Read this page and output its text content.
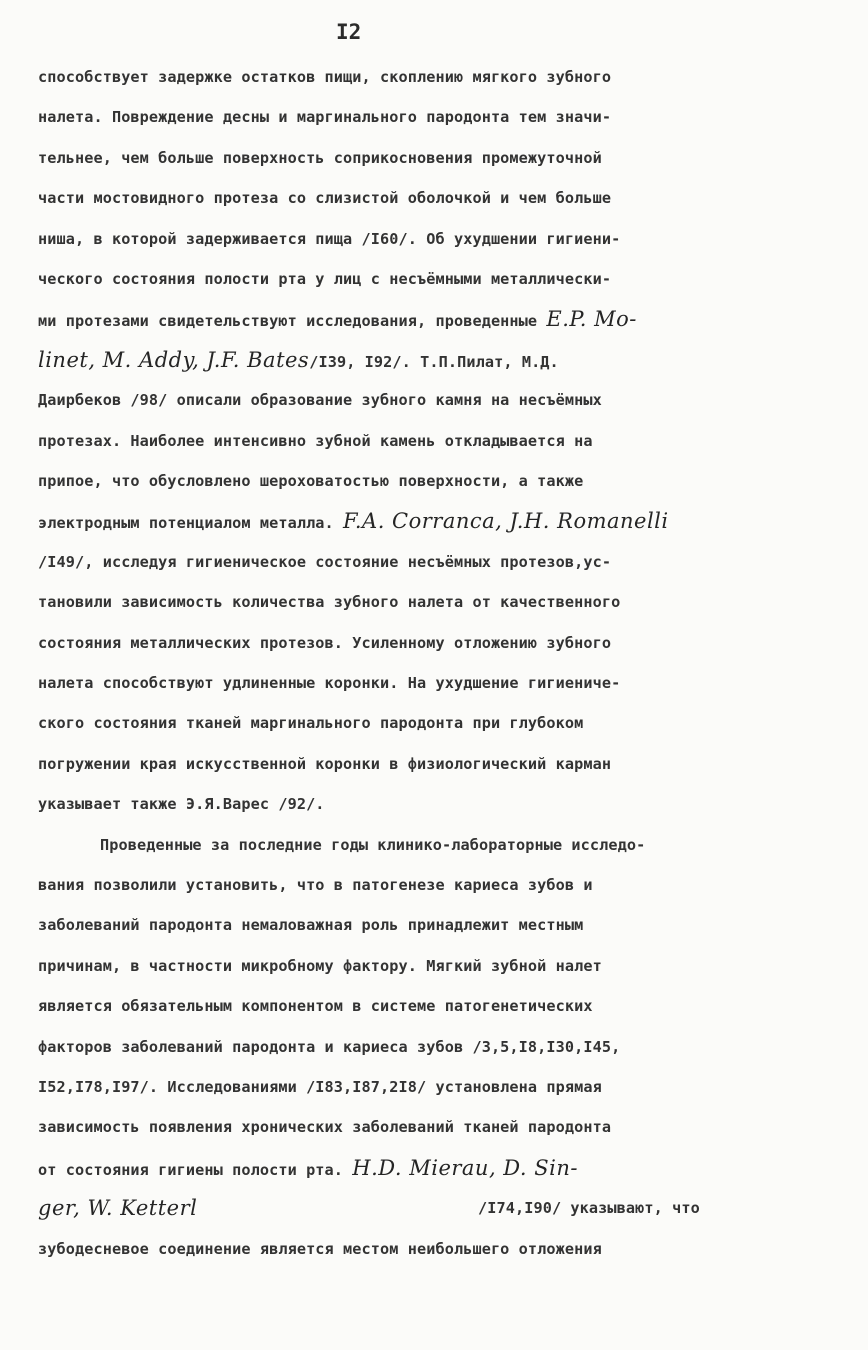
I2
способствует задержке остатков пищи, скоплению мягкого зубного
налета. Повреждение десны и маргинального пародонта тем значи-
тельнее, чем больше поверхность соприкосновения промежуточной
части мостовидного протеза со слизистой оболочкой и чем больше
ниша, в которой задерживается пища /I60/. Об ухудшении гигиени-
ческого состояния полости рта у лиц с несъёмными металлически-
ми протезами свидетельствуют исследования, проведенные E.P. Mo-
linet, M. Addy, J.F. Bates/I39, I92/. Т.П.Пилат, М.Д.
Даирбеков /98/ описали образование зубного камня на несъёмных
протезах. Наиболее интенсивно зубной камень откладывается на
припое, что обусловлено шероховатостью поверхности, а также
электродным потенциалом металла. F.A. Corranca, J.H. Romanelli
/I49/, исследуя гигиеническое состояние несъёмных протезов,ус-
тановили зависимость количества зубного налета от качественного
состояния металлических протезов. Усиленному отложению зубного
налета способствуют удлиненные коронки. На ухудшение гигиениче-
ского состояния тканей маргинального пародонта при глубоком
погружении края искусственной коронки в физиологический карман
указывает также Э.Я.Варес /92/.
Проведенные за последние годы клинико-лабораторные исследо-
вания позволили установить, что в патогенезе кариеса зубов и
заболеваний пародонта немаловажная роль принадлежит местным
причинам, в частности микробному фактору. Мягкий зубной налет
является обязательным компонентом в системе патогенетических
факторов заболеваний пародонта и кариеса зубов /3,5,I8,I30,I45,
I52,I78,I97/. Исследованиями /I83,I87,2I8/ установлена прямая
зависимость появления хронических заболеваний тканей пародонта
от состояния гигиены полости рта. H.D. Mierau, D. Sin-
ger, W. Ketterl	/I74,I90/ указывают, что
зубодесневое соединение является местом неибольшего отложения
